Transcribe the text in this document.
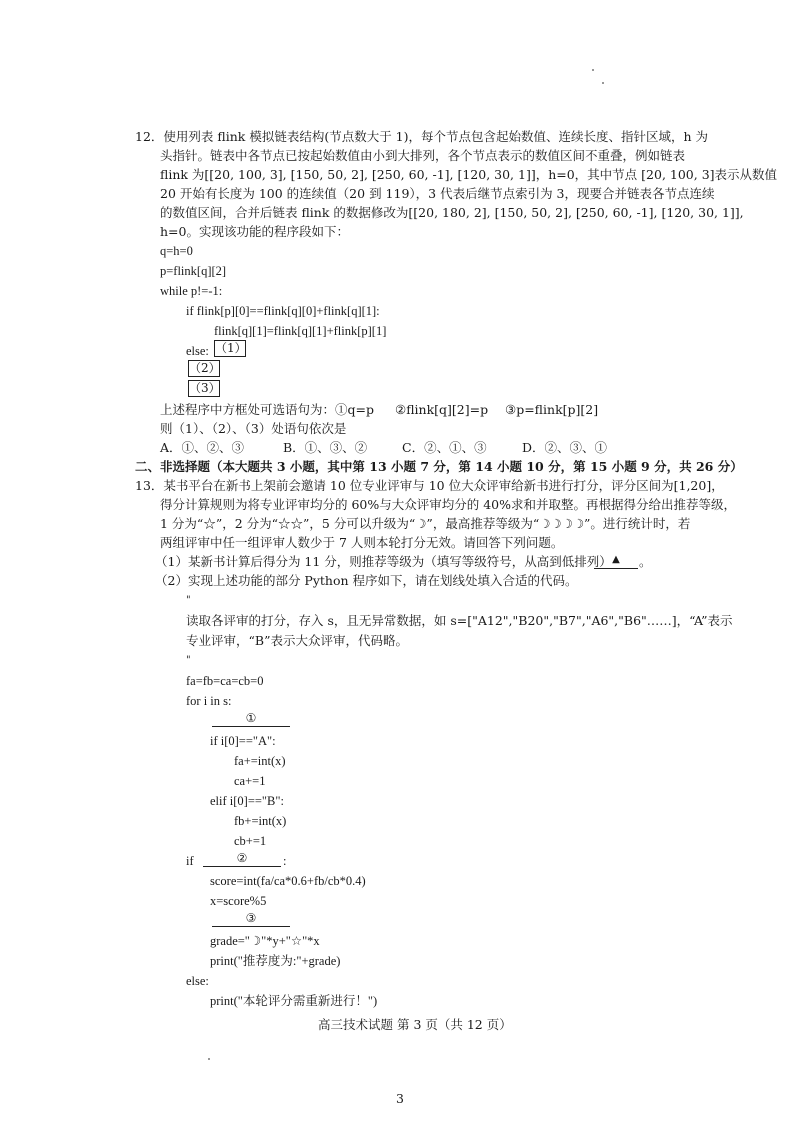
12．使用列表 flink 模拟链表结构(节点数大于 1)，每个节点包含起始数值、连续长度、指针区域，h 为
头指针。链表中各节点已按起始数值由小到大排列，各个节点表示的数值区间不重叠，例如链表
flink 为[[20, 100, 3], [150, 50, 2], [250, 60, -1], [120, 30, 1]]，h=0，其中节点 [20, 100, 3]表示从数值
20 开始有长度为 100 的连续值（20 到 119），3 代表后继节点索引为 3，现要合并链表各节点连续
的数值区间，合并后链表 flink 的数据修改为[[20, 180, 2], [150, 50, 2], [250, 60, -1], [120, 30, 1]],
h=0。实现该功能的程序段如下：
q=h=0
p=flink[q][2]
while p!=-1:
if flink[p][0]==flink[q][0]+flink[q][1]:
flink[q][1]=flink[q][1]+flink[p][1]
else: （1）
（2）
（3）
上述程序中方框处可选语句为：①q=p ②flink[q][2]=p ③p=flink[p][2]
则（1）、（2）、（3）处语句依次是
A．①、②、③	B．①、③、②	C．②、①、③	D．②、③、①
二、非选择题（本大题共 3 小题，其中第 13 小题 7 分，第 14 小题 10 分，第 15 小题 9 分，共 26 分）
13．某书平台在新书上架前会邀请 10 位专业评审与 10 位大众评审给新书进行打分，评分区间为[1,20]，
得分计算规则为将专业评审均分的 60%与大众评审均分的 40%求和并取整。再根据得分给出推荐等级，
1 分为“☆”，2 分为“☆☆”，5 分可以升级为“☽”，最高推荐等级为“☽☽☽☽”。进行统计时，若
两组评审中任一组评审人数少于 7 人则本轮打分无效。请回答下列问题。
（1）某新书计算后得分为 11 分，则推荐等级为（填写等级符号，从高到低排列） ▲	。
（2）实现上述功能的部分 Python 程序如下，请在划线处填入合适的代码。
"
读取各评审的打分，存入 s，且无异常数据，如 s=["A12","B20","B7","A6","B6"……]，“A”表示
专业评审，“B”表示大众评审，代码略。
"
fa=fb=ca=cb=0
for i in s:
①
if i[0]=="A":
fa+=int(x)
ca+=1
elif i[0]=="B":
fb+=int(x)
cb+=1
if	②	:
score=int(fa/ca*0.6+fb/cb*0.4)
x=score%5
③
grade="☽"*y+"☆"*x
print("推荐度为:"+grade)
else:
print("本轮评分需重新进行！")
高三技术试题 第 3 页（共 12 页）
3
